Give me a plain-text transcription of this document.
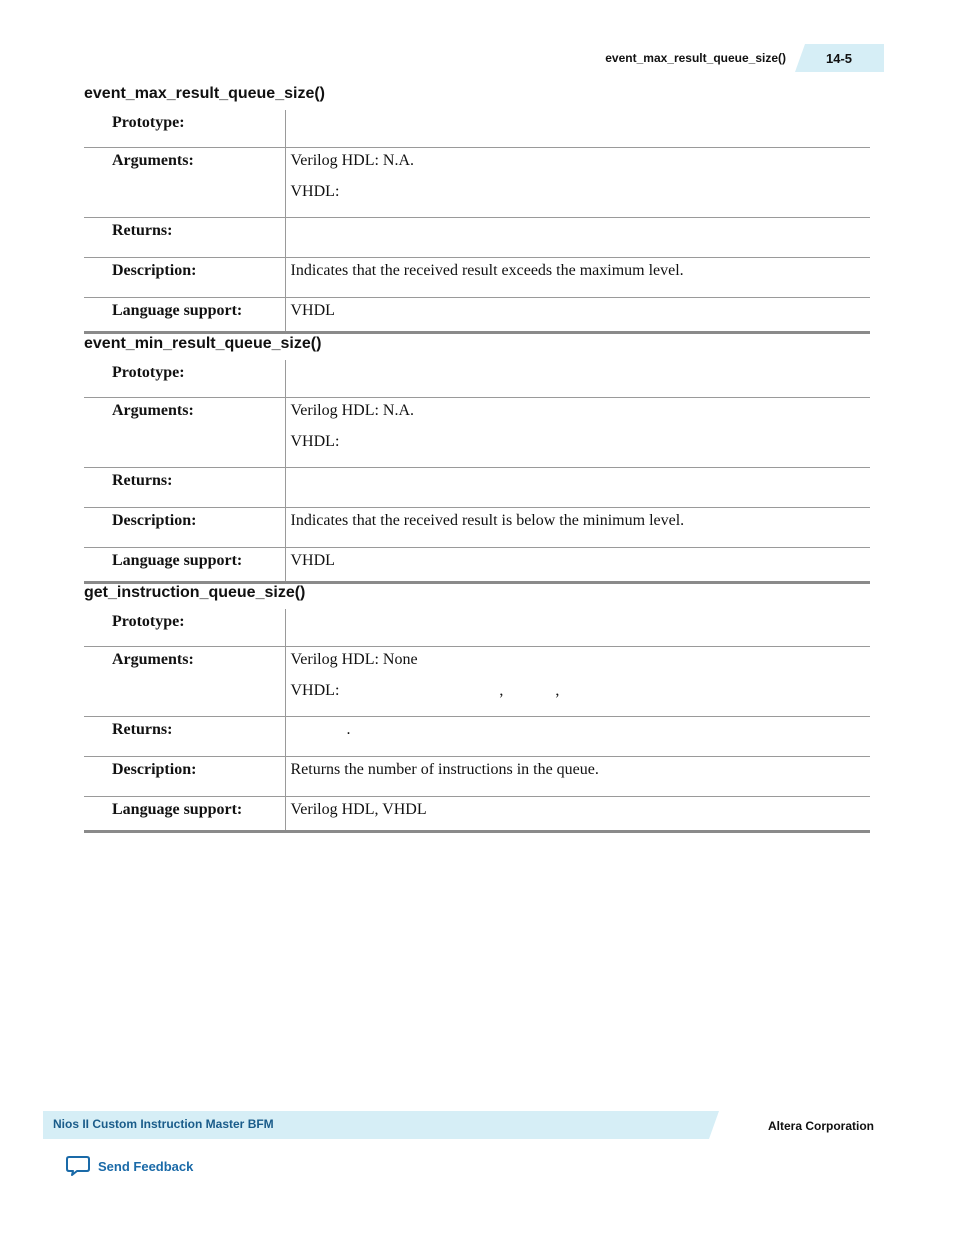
event_max_result_queue_size()	14-5
event_max_result_queue_size()
Prototype:	
Arguments:	Verilog HDL: N.A.
VHDL:

Returns:	
Description:	Indicates that the received result exceeds the maximum level.
Language support:	VHDL
event_min_result_queue_size()
Prototype:	
Arguments:	Verilog HDL: N.A.
VHDL:

Returns:	
Description:	Indicates that the received result is below the minimum level.
Language support:	VHDL
get_instruction_queue_size()
Prototype:	
Arguments:	Verilog HDL: None
VHDL:                                        ,             ,

Returns:	.
Description:	Returns the number of instructions in the queue.
Language support:	Verilog HDL, VHDL
Nios II Custom Instruction Master BFM	Altera Corporation
Send Feedback
